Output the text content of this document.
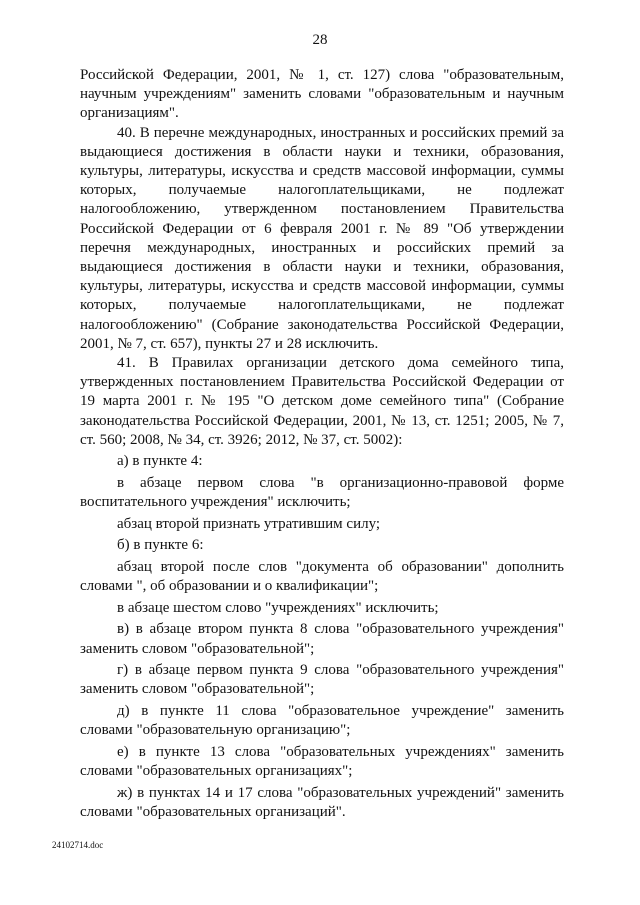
28

Российской Федерации, 2001, № 1, ст. 127) слова "образовательным, научным учреждениям" заменить словами "образовательным и научным организациям".

40. В перечне международных, иностранных и российских премий за выдающиеся достижения в области науки и техники, образования, культуры, литературы, искусства и средств массовой информации, суммы которых, получаемые налогоплательщиками, не подлежат налогообложению, утвержденном постановлением Правительства Российской Федерации от 6 февраля 2001 г. № 89 "Об утверждении перечня международных, иностранных и российских премий за выдающиеся достижения в области науки и техники, образования, культуры, литературы, искусства и средств массовой информации, суммы которых, получаемые налогоплательщиками, не подлежат налогообложению" (Собрание законодательства Российской Федерации, 2001, № 7, ст. 657), пункты 27 и 28 исключить.

41. В Правилах организации детского дома семейного типа, утвержденных постановлением Правительства Российской Федерации от 19 марта 2001 г. № 195 "О детском доме семейного типа" (Собрание законодательства Российской Федерации, 2001, № 13, ст. 1251; 2005, № 7, ст. 560; 2008, № 34, ст. 3926; 2012, № 37, ст. 5002):

а) в пункте 4:

в абзаце первом слова "в организационно-правовой форме воспитательного учреждения" исключить;

абзац второй признать утратившим силу;

б) в пункте 6:

абзац второй после слов "документа об образовании" дополнить словами ", об образовании и о квалификации";

в абзаце шестом слово "учреждениях" исключить;

в) в абзаце втором пункта 8 слова "образовательного учреждения" заменить словом "образовательной";

г) в абзаце первом пункта 9 слова "образовательного учреждения" заменить словом "образовательной";

д) в пункте 11 слова "образовательное учреждение" заменить словами "образовательную организацию";

е) в пункте 13 слова "образовательных учреждениях" заменить словами "образовательных организациях";

ж) в пунктах 14 и 17 слова "образовательных учреждений" заменить словами "образовательных организаций".

24102714.doc
